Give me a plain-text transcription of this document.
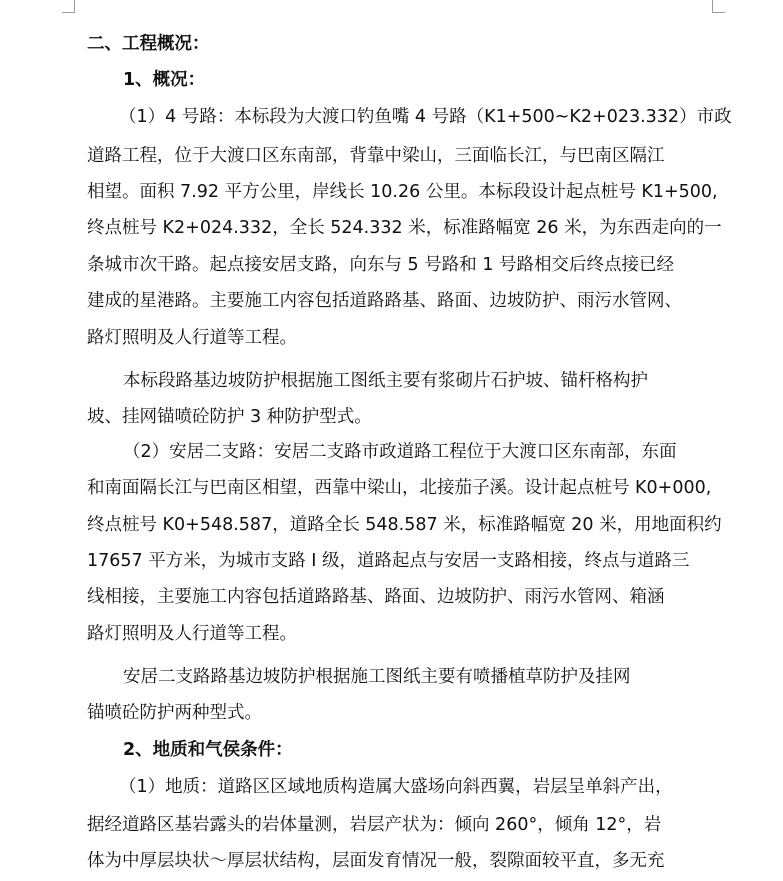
二、工程概况：
1、概况：
（1）4 号路：本标段为大渡口钓鱼嘴 4 号路（K1+500~K2+023.332）市政
道路工程，位于大渡口区东南部，背靠中梁山，三面临长江，与巴南区隔江
相望。面积 7.92 平方公里，岸线长 10.26 公里。本标段设计起点桩号 K1+500,
终点桩号 K2+024.332，全长 524.332 米，标准路幅宽 26 米，为东西走向的一
条城市次干路。起点接安居支路，向东与 5 号路和 1 号路相交后终点接已经
建成的星港路。主要施工内容包括道路路基、路面、边坡防护、雨污水管网、
路灯照明及人行道等工程。
本标段路基边坡防护根据施工图纸主要有浆砌片石护坡、锚杆格构护
坡、挂网锚喷砼防护 3 种防护型式。
（2）安居二支路：安居二支路市政道路工程位于大渡口区东南部，东面
和南面隔长江与巴南区相望，西靠中梁山，北接茄子溪。设计起点桩号 K0+000,
终点桩号 K0+548.587，道路全长 548.587 米，标准路幅宽 20 米，用地面积约
17657 平方米，为城市支路 I 级，道路起点与安居一支路相接，终点与道路三
线相接，主要施工内容包括道路路基、路面、边坡防护、雨污水管网、箱涵
路灯照明及人行道等工程。
安居二支路路基边坡防护根据施工图纸主要有喷播植草防护及挂网
锚喷砼防护两种型式。
2、地质和气侯条件：
（1）地质：道路区区域地质构造属大盛场向斜西翼，岩层呈单斜产出，
据经道路区基岩露头的岩体量测，岩层产状为：倾向 260°，倾角 12°，岩
体为中厚层块状～厚层状结构，层面发育情况一般，裂隙面较平直，多无充
